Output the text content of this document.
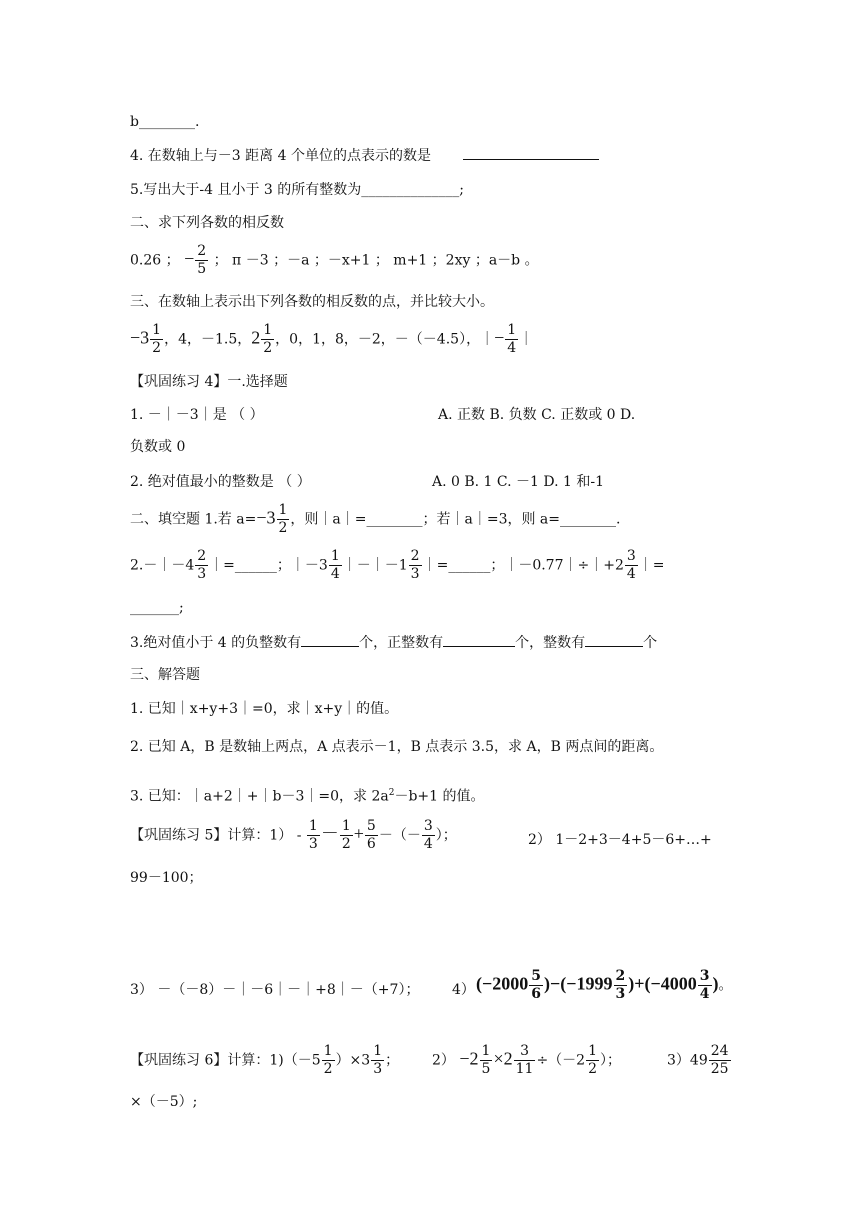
b________.
4. 在数轴上与－3 距离 4 个单位的点表示的数是
5.写出大于-4 且小于 3 的所有整数为______________;
二、求下列各数的相反数
0.26 ； − $\frac{2}{5}$ ； π －3 ；－a ；－x+1 ； m+1 ；2xy ；a－b 。
三、在数轴上表示出下列各数的相反数的点，并比较大小。
$-3 \frac{1}{2}$ ，4，－1.5，$2 \frac{1}{2}$ ，0，1，8，－2，－（－4.5），｜− $\frac{1}{4}$ ｜
【巩固练习 4】一.选择题
1. －｜－3｜是 （ ）	A. 正数 B. 负数 C. 正数或 0 D.
负数或 0
2. 绝对值最小的整数是 （ ）	A. 0 B. 1 C. －1 D. 1 和-1
二、填空题 1.若 $a=-3 \frac{1}{2}$ ，则｜a｜=________；若｜a｜=3，则 a=________.
2.－｜－4 $\frac{2}{3}$ ｜=______；｜－3 $\frac{1}{4}$ ｜－｜－1 $\frac{2}{3}$ ｜=______；｜－0.77｜÷｜+2 $\frac{3}{4}$ ｜=
_______;
3.绝对值小于 4 的负整数有	个，正整数有	个，整数有	个
三、解答题
1. 已知｜x+y+3｜=0，求｜x+y｜的值。
2. 已知 A，B 是数轴上两点，A 点表示－1，B 点表示 3.5，求 A，B 两点间的距离。
3. 已知：｜a+2｜+｜b－3｜=0，求 $2a^2-b+1$ 的值。
【巩固练习 5】计算：$1) - \frac{1}{3} - \frac{1}{2} + \frac{5}{6}$ －（－ $\frac{3}{4}$ ）；	2） 1－2+3－4+5－6+…+
99－100；
3） －（－8）－｜－6｜－｜+8｜－（+7）； 4） $(-2000 \frac{5}{6} )-(-1999 \frac{2}{3} )+(-4000 \frac{3}{4}$ )。
【巩固练习 6】计算：$1)(-5 \frac{1}{2} )\times 3 \frac{1}{3}$ ； $2) -2 \frac{1}{5} \times 2 \frac{3}{11} \div(-2 \frac{1}{2}$ ）；	$3)49 \frac{24}{25}$
×（－5）;
